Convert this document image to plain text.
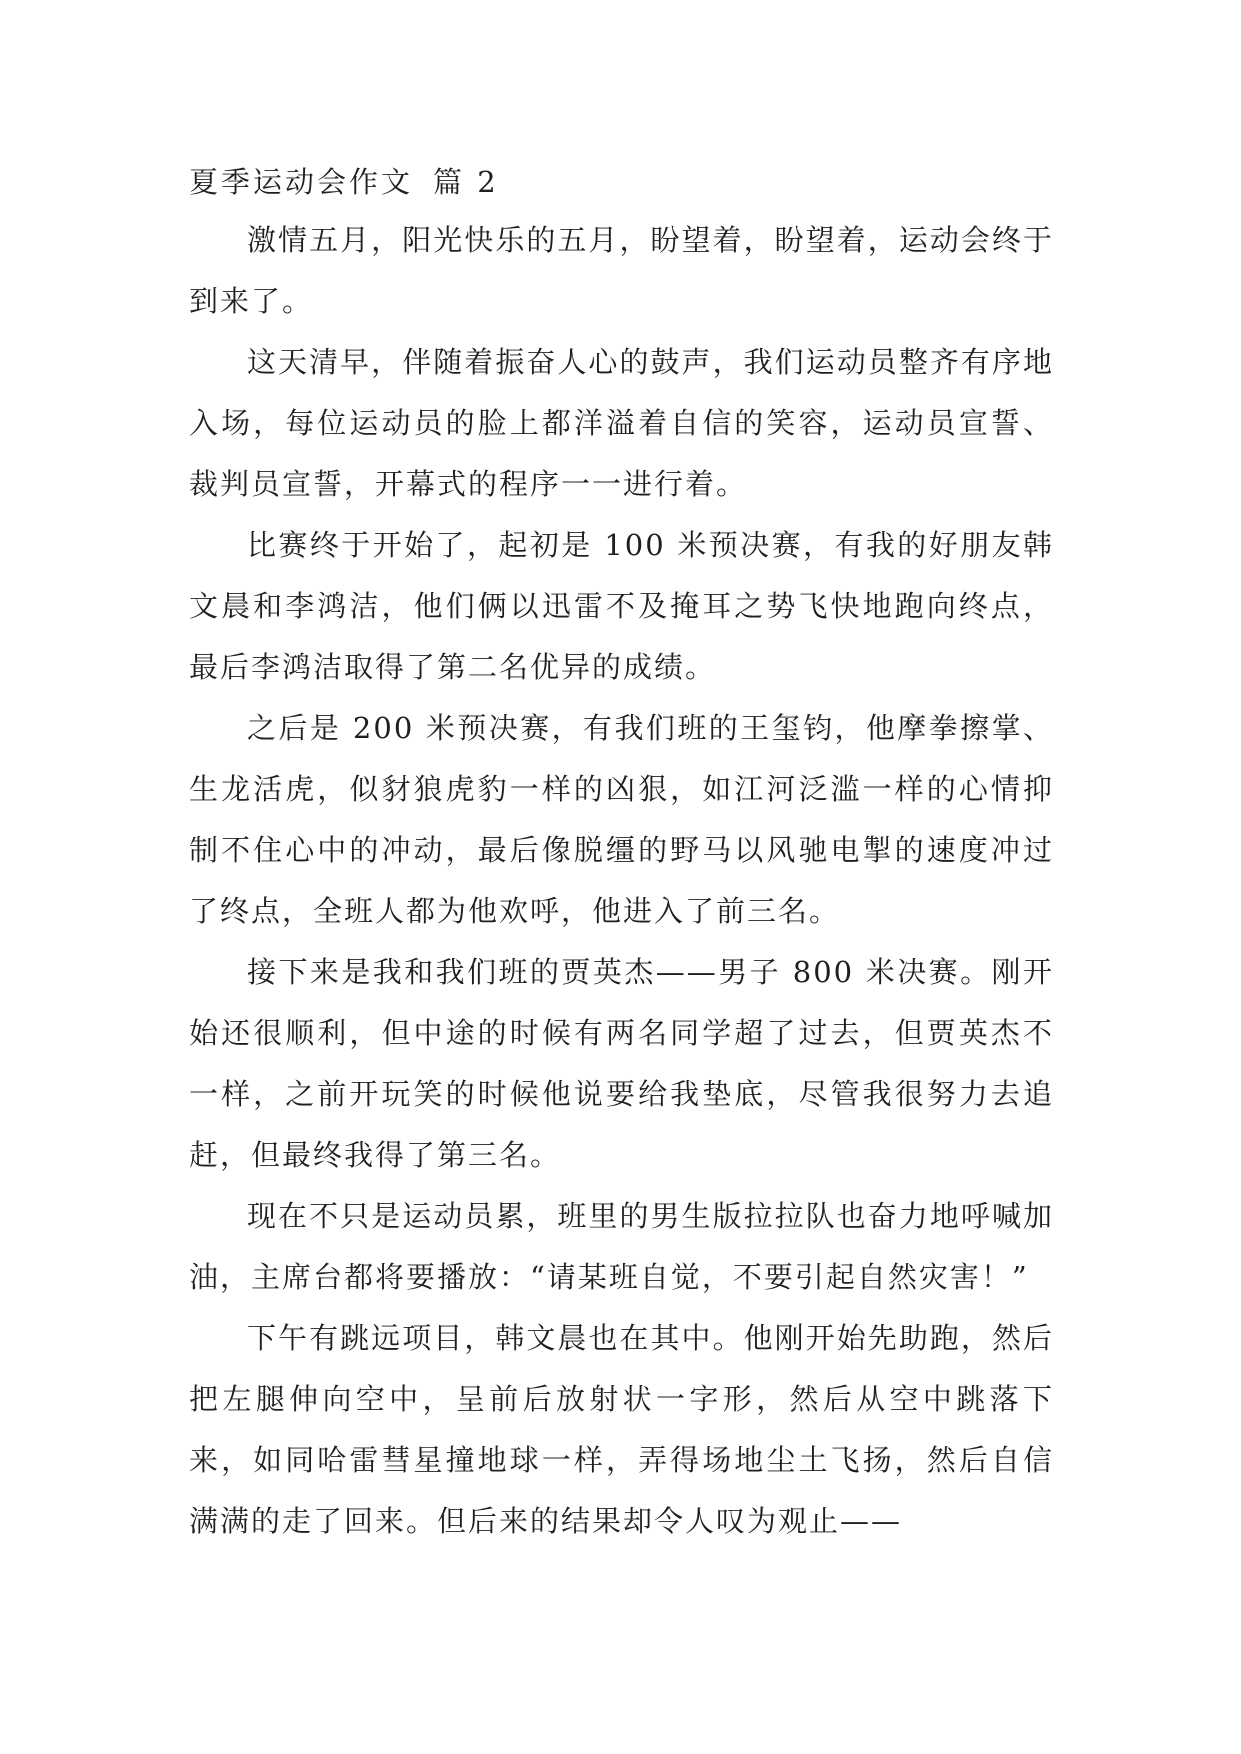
夏季运动会作文 篇 2

激情五月，阳光快乐的五月，盼望着，盼望着，运动会终于到来了。

这天清早，伴随着振奋人心的鼓声，我们运动员整齐有序地入场，每位运动员的脸上都洋溢着自信的笑容，运动员宣誓、裁判员宣誓，开幕式的程序一一进行着。

比赛终于开始了，起初是 100 米预决赛，有我的好朋友韩文晨和李鸿洁，他们俩以迅雷不及掩耳之势飞快地跑向终点，最后李鸿洁取得了第二名优异的成绩。

之后是 200 米预决赛，有我们班的王玺钧，他摩拳擦掌、生龙活虎，似豺狼虎豹一样的凶狠，如江河泛滥一样的心情抑制不住心中的冲动，最后像脱缰的野马以风驰电掣的速度冲过了终点，全班人都为他欢呼，他进入了前三名。

接下来是我和我们班的贾英杰——男子 800 米决赛。刚开始还很顺利，但中途的时候有两名同学超了过去，但贾英杰不一样，之前开玩笑的时候他说要给我垫底，尽管我很努力去追赶，但最终我得了第三名。

现在不只是运动员累，班里的男生版拉拉队也奋力地呼喊加油，主席台都将要播放：“请某班自觉，不要引起自然灾害！”

下午有跳远项目，韩文晨也在其中。他刚开始先助跑，然后把左腿伸向空中，呈前后放射状一字形，然后从空中跳落下来，如同哈雷彗星撞地球一样，弄得场地尘土飞扬，然后自信满满的走了回来。但后来的结果却令人叹为观止——
